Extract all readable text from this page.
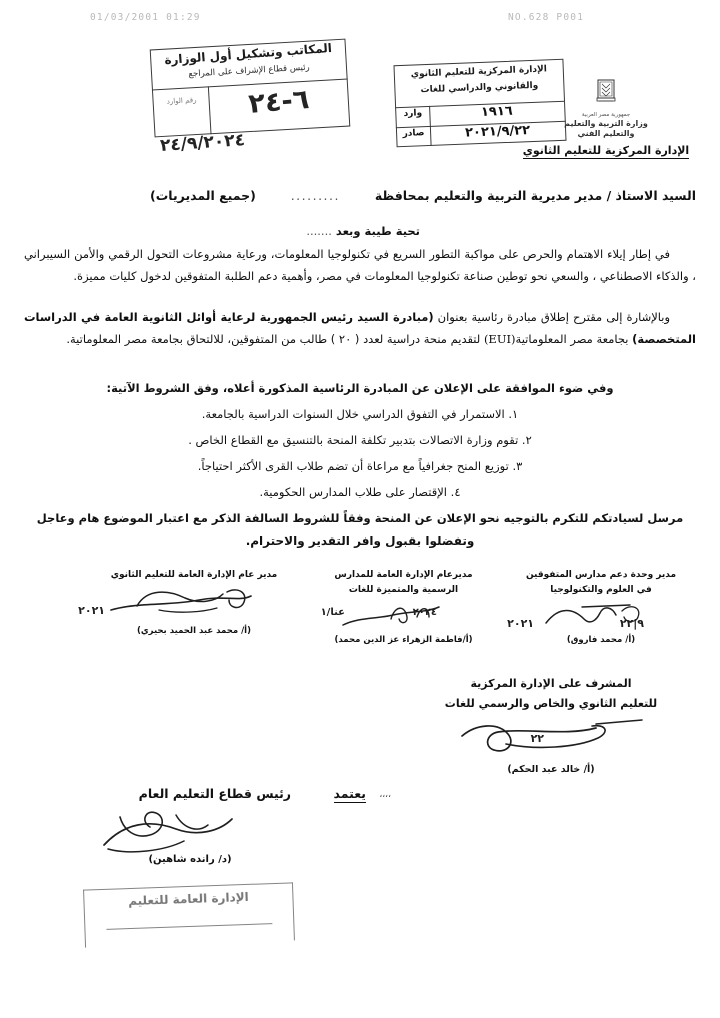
01/03/2001 01:29	NO.628 P001
المكاتب وتشكيل أول الوزارة
رئيس قطاع الإشراف على المراجع
رقم الوارد	٦-٢٤
٢٤/٩/٢٠٢٤
الإدارة المركزية للتعليم الثانوي
والقانوني والدراسي للغات
وارد	١٩١٦
صادر	٢٠٢١/٩/٢٢
جمهورية مصر العربية
وزارة التربية والتعليم
والتعليم الفني
الإدارة المركزية للتعليم الثانوي
السيد الاستاذ / مدير مديرية التربية والتعليم بمحافظة
.........
(جميع المديريات)
تحية طيبة وبعد .......
في إطار إيلاء الاهتمام والحرص على مواكبة التطور السريع في تكنولوجيا المعلومات، ورعاية مشروعات التحول الرقمي والأمن السيبراني ، والذكاء الاصطناعي ، والسعي نحو توطين صناعة تكنولوجيا المعلومات في مصر، وأهمية دعم الطلبة المتفوقين لدخول كليات مميزة.
وبالإشارة إلى مقترح إطلاق مبادرة رئاسية بعنوان (مبادرة السيد رئيس الجمهورية لرعاية أوائل الثانوية العامة في الدراسات المتخصصة) بجامعة مصر المعلوماتية(EUI) لتقديم منحة دراسية لعدد ( ٢٠ ) طالب من المتفوقين، للالتحاق بجامعة مصر المعلوماتية.
وفي ضوء الموافقة على الإعلان عن المبادرة الرئاسية المذكورة أعلاه، وفق الشروط الآتية:
١. الاستمرار في التفوق الدراسي خلال السنوات الدراسية بالجامعة.
٢. تقوم وزارة الاتصالات بتدبير تكلفة المنحة بالتنسيق مع القطاع الخاص .
٣. توزيع المنح جغرافياً مع مراعاة أن تضم طلاب القرى الأكثر احتياجاً.
٤. الإقتصار على طلاب المدارس الحكومية.
مرسل لسيادتكم للتكرم بالتوجيه نحو الإعلان عن المنحة وفقاً للشروط السالفة الذكر مع اعتبار الموضوع هام وعاجل
وتفضلوا بقبول وافر التقدير والاحترام.
مدير وحدة دعم مدارس المتفوقين
في العلوم والتكنولوجيا
٢٠٢١	٩|٢٢
(أ/ محمد فاروق)
مديرعام الإدارة العامة للمدارس
الرسمية والمتميزة للغات
٢٠٢٤
عنا/١
(أ/فاطمة الزهراء عز الدين محمد)
مدير عام الإدارة العامة للتعليم الثانوي
٢٠٢١
(أ/ محمد عبد الحميد بحيري)
المشرف على الإدارة المركزية
للتعليم الثانوي والخاص والرسمي للغات
٢٢
(أ/ خالد عبد الحكم)
يعتمد ،،،،
رئيس قطاع التعليم العام
(د/ رانده شاهين)
الإدارة العامة للتعليم
